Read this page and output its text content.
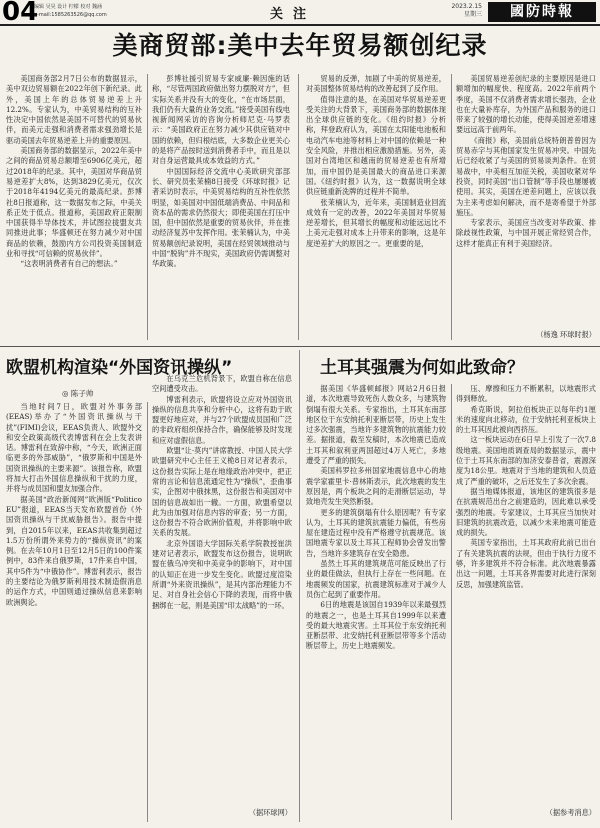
04
编辑 吴昊 设计 柠檬 校对 魏涵
e-mail:1585263526@qq.com	关注
2023.2.15
星期三	國防時報
美商贸部:美中去年贸易额创纪录

美国商务部2月7日公布的数据显示，美中双边贸易额在2022年创下新纪录。此外，美国上年的总体贸易逆差上升12.2%。专家认为，中美贸易结构的互补性决定中国依然是美国不可替代的贸易伙伴，而美元走强和消费者需求强劲增长是驱动美国去年贸易逆差上升的重要原因。

美国商务部的数据显示，2022年美中之间的商品贸易总额增至6906亿美元，超过2018年的纪录。其中，美国对华商品贸易逆差扩大8%，达到3829亿美元，仅次于2018年4194亿美元的最高纪录。彭博社8日报道称，这一数据发布之际，中美关系正处于低点。报道称，美国政府正限制中国获得半导体技术，并试图拉拢盟友共同推进此事；华盛顿还在努力减少对中国商品的依赖，鼓励内方公司投资美国制造业和寻找“可信赖的贸易伙伴”。

“这表明消费者有自己的想法。”

彭博社援引贸易专家威廉·赖因施的话称，“尽管两国政府做出努力摆脱对方”，但实际关系并没有大的变化，“在市场层面，我们仍有大量的业务交流。”接受美国有线电视新闻网采访的咨询分析师尼克·马罗表示：“美国政府正在努力减少其供应链对中国的依赖，但归根结底，大多数企业更关心的是将产品按时送到消费者手中，而且是以对自身运营最具成本效益的方式。”

中国国际经济交流中心美欧研究部部长、研究员张茉楠8日接受《环球时报》记者采访时表示，中美贸易结构的互补性依然明显，如美国对中国低端消费品、中间品和资本品的需求仍然很大；即使美国在打压中国，但中国依然是重要的贸易伙伴，并在推动经济复苏中发挥作用。张茉楠认为，中美贸易额创纪录说明，美国在经贸领域推动与中国“脱钩”并不现实，美国政府仍需调整对华政策。

贸易的反弹，加剧了中美的贸易逆差，对美国整体贸易结构的改善起到了反作用。

值得注意的是，在美国对华贸易逆差更受关注的大背景下，美国商务部的数据体现出全球供应链的变化。《纽约时报》分析称，拜登政府认为，美国在太阳能电池板和电动汽车电池等材料上对中国的依赖是一种安全风险，并推出相应激励措施。另外，美国对台湾地区和越南的贸易逆差也有所增加，而中国仍是美国最大的商品进口来源国。《纽约时报》认为，这一数据说明全球供应链重新洗牌的过程并不简单。

张茉楠认为，近年来，美国制造业回流成效有一定的改善，2022年美国对华贸易逆差增长，但其增长的幅度和动能远远比不上美元走强对成本上升带来的影响，这是年度逆差扩大的原因之一。更重要的是，

美国贸易逆差创纪录的主要原因是进口额增加的幅度快、程度高。2022年前两个季度，美国不仅消费者需求增长强劲，企业也在大量补库存，为外国产品和服务的进口带来了较强的增长动能，使得美国逆差增速要远远高于前两年。

《商报》称，美国前总统特朗普曾因为贸易赤字与其他国家发生贸易冲突。中国先后已经收紧了与美国的贸易谈判条件。在贸易战中，中美相互加征关税，美国收紧对华投资，同时美国“出口管制”等手段也屡屡被使用。其实，美国在逆差问题上，应该以我为主来考虑如何解决，而不是寄希望于外部施压。

专家表示，美国应当改变对华政策、排除歧视性政策，与中国开展正常经贸合作，这样才能真正有利于美国经济。

（杨逸 环球时报）
欧盟机构渲染“外国资讯操纵”
◎ 陈子帅

当地时间7日，欧盟对外事务部(EEAS)举办了“外国资讯操纵与干扰”(FIMI)会议，EEAS负责人、欧盟外交和安全政策高级代表博雷利在会上发表讲话。博雷利在致辞中称，“今天，欧洲正面临更多的外部威胁”，“俄罗斯和中国是外国资讯操纵的主要来源”。该报告称，欧盟将加大打击外国信息操纵和干扰的力度，并将与成员国和盟友加强合作。

据美国“政治新闻网”欧洲版“Politico EU”报道，EEAS当天发布欧盟首份《外国资讯操纵与干扰威胁报告》。报告中提到，自2015年以来，EEAS共收集到超过1.5万份所谓外来势力的“操纵资讯”的案例。在去年10月1日至12月5日的100件案例中，83件来自俄罗斯，17件来自中国，其中5件为“中俄协作”。博雷利表示，报告的主要结论为俄罗斯利用技术制造假消息的运作方式，中国则通过操纵信息来影响欧洲舆论。

在乌克兰危机背景下，欧盟自称在信息空间遭受攻击。

博雷利表示，欧盟将设立应对外国资讯操纵的信息共享和分析中心，这将有助于欧盟更好地应对，并与27个欧盟成员国和广泛的非政府组织保持合作，确保能够及时发现和应对虚假信息。

欧盟“让·莫内”讲席教授、中国人民大学欧盟研究中心主任王义桅8日对记者表示，这份报告实际上是在地缘政治冲突中，把正常的言论和信息流通定性为“操纵”，歪曲事实，企图对中俄抹黑，这份报告和美国对中国的信息战如出一辙。一方面，欧盟希望以此为由加强对信息内容的审查；另一方面，这份报告不符合欧洲价值观，并将影响中欧关系的发展。

北京外国语大学国际关系学院教授崔洪建对记者表示，欧盟发布这份报告，说明欧盟在俄乌冲突和中美竞争的影响下，对中国的认知正在进一步发生变化。欧盟过度渲染所谓“外来资讯操纵”，是其内部治理能力不足、对自身社会信心下降的表现，而将中俄捆绑在一起，则是美国“印太战略”的一环。

（据环球网）
土耳其强震为何如此致命？

据美国《华盛顿邮报》网站2月6日报道，本次地震导致死伤人数众多，与建筑物倒塌有很大关系。专家指出，土耳其东南部地区位于东安纳托利亚断层带，历史上发生过多次强震，当地许多建筑物的抗震能力较差。据报道，截至发稿时，本次地震已造成土耳其和叙利亚两国超过4万人死亡，多地遭受了严重的损失。

美国科罗拉多州国家地震信息中心的地震学家霍里卡·普林斯表示，此次地震的发生原因是，两个板块之间的走滑断层运动，导致地壳发生突然断裂。

更多的建筑倒塌有什么原因呢？有专家认为，土耳其的建筑抗震能力偏低，有些房屋在建造过程中没有严格遵守抗震规范。该国地震专家以及土耳其工程师协会曾发出警告，当地许多建筑存在安全隐患。

虽然土耳其的建筑规范可能反映出了行业的最佳做法，但执行上存在一些问题。在地震频发的国家，抗震建筑标准对于减少人员伤亡起到了重要作用。

6日的地震是该国自1939年以来最强烈的地震之一，也是土耳其自1999年以来遭受的最大地震灾害。土耳其位于东安纳托利亚断层带、北安纳托利亚断层带等多个活动断层带上，历史上地震频发。

压、摩擦和压力不断累积，以地震形式得到释放。

希克斯说，阿拉伯板块正以每年约1厘米的速度向北移动，位于安纳托利亚板块上的土耳其因此被向西挤压。

这一板块运动在6日早上引发了一次7.8级地震。美国地质调查局的数据显示，震中位于土耳其东南部的加济安泰普省，震源深度为18公里。地震对于当地的建筑和人员造成了严重的破坏，之后还发生了多次余震。

据当地媒体报道，该地区的建筑很多是在抗震规范出台之前建造的，因此难以承受强烈的地震。专家建议，土耳其应当加快对旧建筑的抗震改造，以减少未来地震可能造成的损失。

英国专家指出，土耳其政府此前已出台了有关建筑抗震的法规，但由于执行力度不够，许多建筑并不符合标准。此次地震暴露出这一问题，土耳其各界需要对此进行深刻反思，加强建筑监管。

（据参考消息）
